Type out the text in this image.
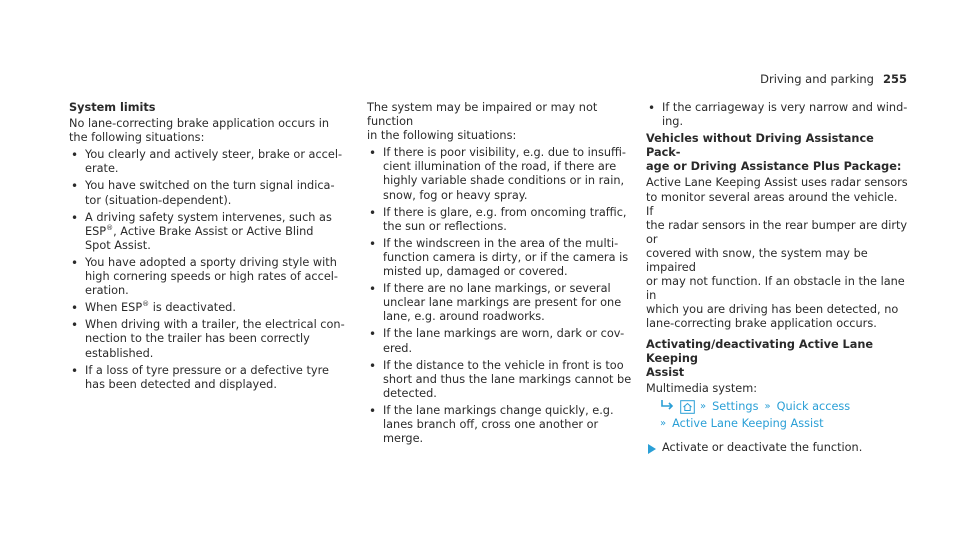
Driving and parking 255
System limits

No lane-correcting brake application occurs in
the following situations:

• You clearly and actively steer, brake or accel-
erate.
• You have switched on the turn signal indica-
tor (situation-dependent).
• A driving safety system intervenes, such as
ESP®, Active Brake Assist or Active Blind
Spot Assist.
• You have adopted a sporty driving style with
high cornering speeds or high rates of accel-
eration.
• When ESP® is deactivated.
• When driving with a trailer, the electrical con-
nection to the trailer has been correctly
established.
• If a loss of tyre pressure or a defective tyre
has been detected and displayed.

The system may be impaired or may not function
in the following situations:

• If there is poor visibility, e.g. due to insuffi-
cient illumination of the road, if there are
highly variable shade conditions or in rain,
snow, fog or heavy spray.
• If there is glare, e.g. from oncoming traffic,
the sun or reflections.
• If the windscreen in the area of the multi-
function camera is dirty, or if the camera is
misted up, damaged or covered.
• If there are no lane markings, or several
unclear lane markings are present for one
lane, e.g. around roadworks.
• If the lane markings are worn, dark or cov-
ered.
• If the distance to the vehicle in front is too
short and thus the lane markings cannot be
detected.
• If the lane markings change quickly, e.g.
lanes branch off, cross one another or
merge.
• If the carriageway is very narrow and wind-
ing.
Vehicles without Driving Assistance Pack-
age or Driving Assistance Plus Package:

Active Lane Keeping Assist uses radar sensors
to monitor several areas around the vehicle. If
the radar sensors in the rear bumper are dirty or
covered with snow, the system may be impaired
or may not function. If an obstacle in the lane in
which you are driving has been detected, no
lane-correcting brake application occurs.

Activating/deactivating Active Lane Keeping
Assist
Multimedia system:
» Settings » Quick access
» Active Lane Keeping Assist
Activate or deactivate the function.
